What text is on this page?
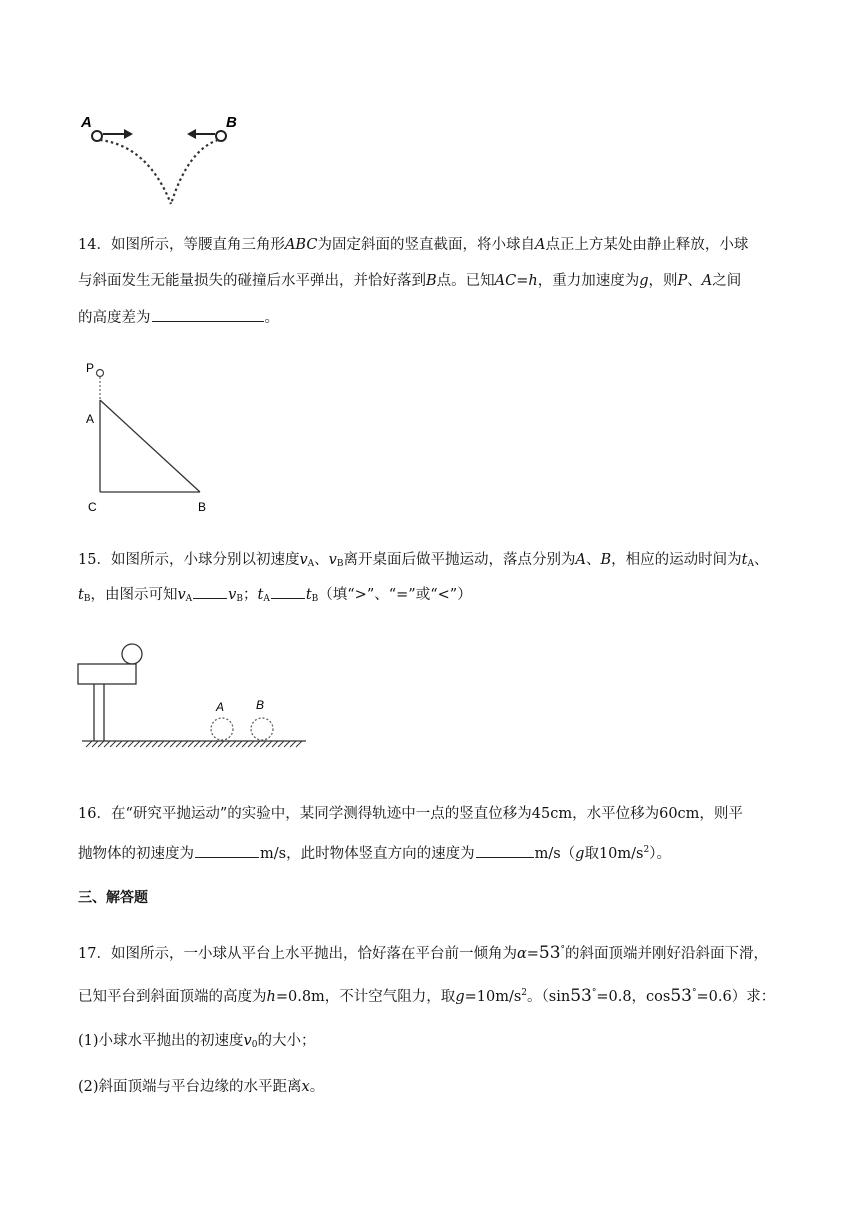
A	B
14．如图所示，等腰直角三角形ABC为固定斜面的竖直截面，将小球自A点正上方某处由静止释放，小球
与斜面发生无能量损失的碰撞后水平弹出，并恰好落到B点。已知AC=h，重力加速度为g，则P、A之间
的高度差为	。
P
A
C	B
15．如图所示，小球分别以初速度$v_A$、$v_B$离开桌面后做平抛运动，落点分别为A、B，相应的运动时间为$t_A$、
$t_B$，由图示可知$v_A$ $v_B$；$t_A$ $t_B$（填“>”、“=”或“<”）
A	B
16．在“研究平抛运动”的实验中，某同学测得轨迹中一点的竖直位移为45cm，水平位移为60cm，则平
抛物体的初速度为	m/s，此时物体竖直方向的速度为	m/s（g取$10m/s^2$）。
三、解答题
17．如图所示，一小球从平台上水平抛出，恰好落在平台前一倾角为α=53°的斜面顶端并刚好沿斜面下滑，
已知平台到斜面顶端的高度为h=0.8m，不计空气阻力，取$g=10m/s^2$。（sin53°=0.8，cos53°=0.6）求：
(1)小球水平抛出的初速度$v_0$的大小；
(2)斜面顶端与平台边缘的水平距离x。
